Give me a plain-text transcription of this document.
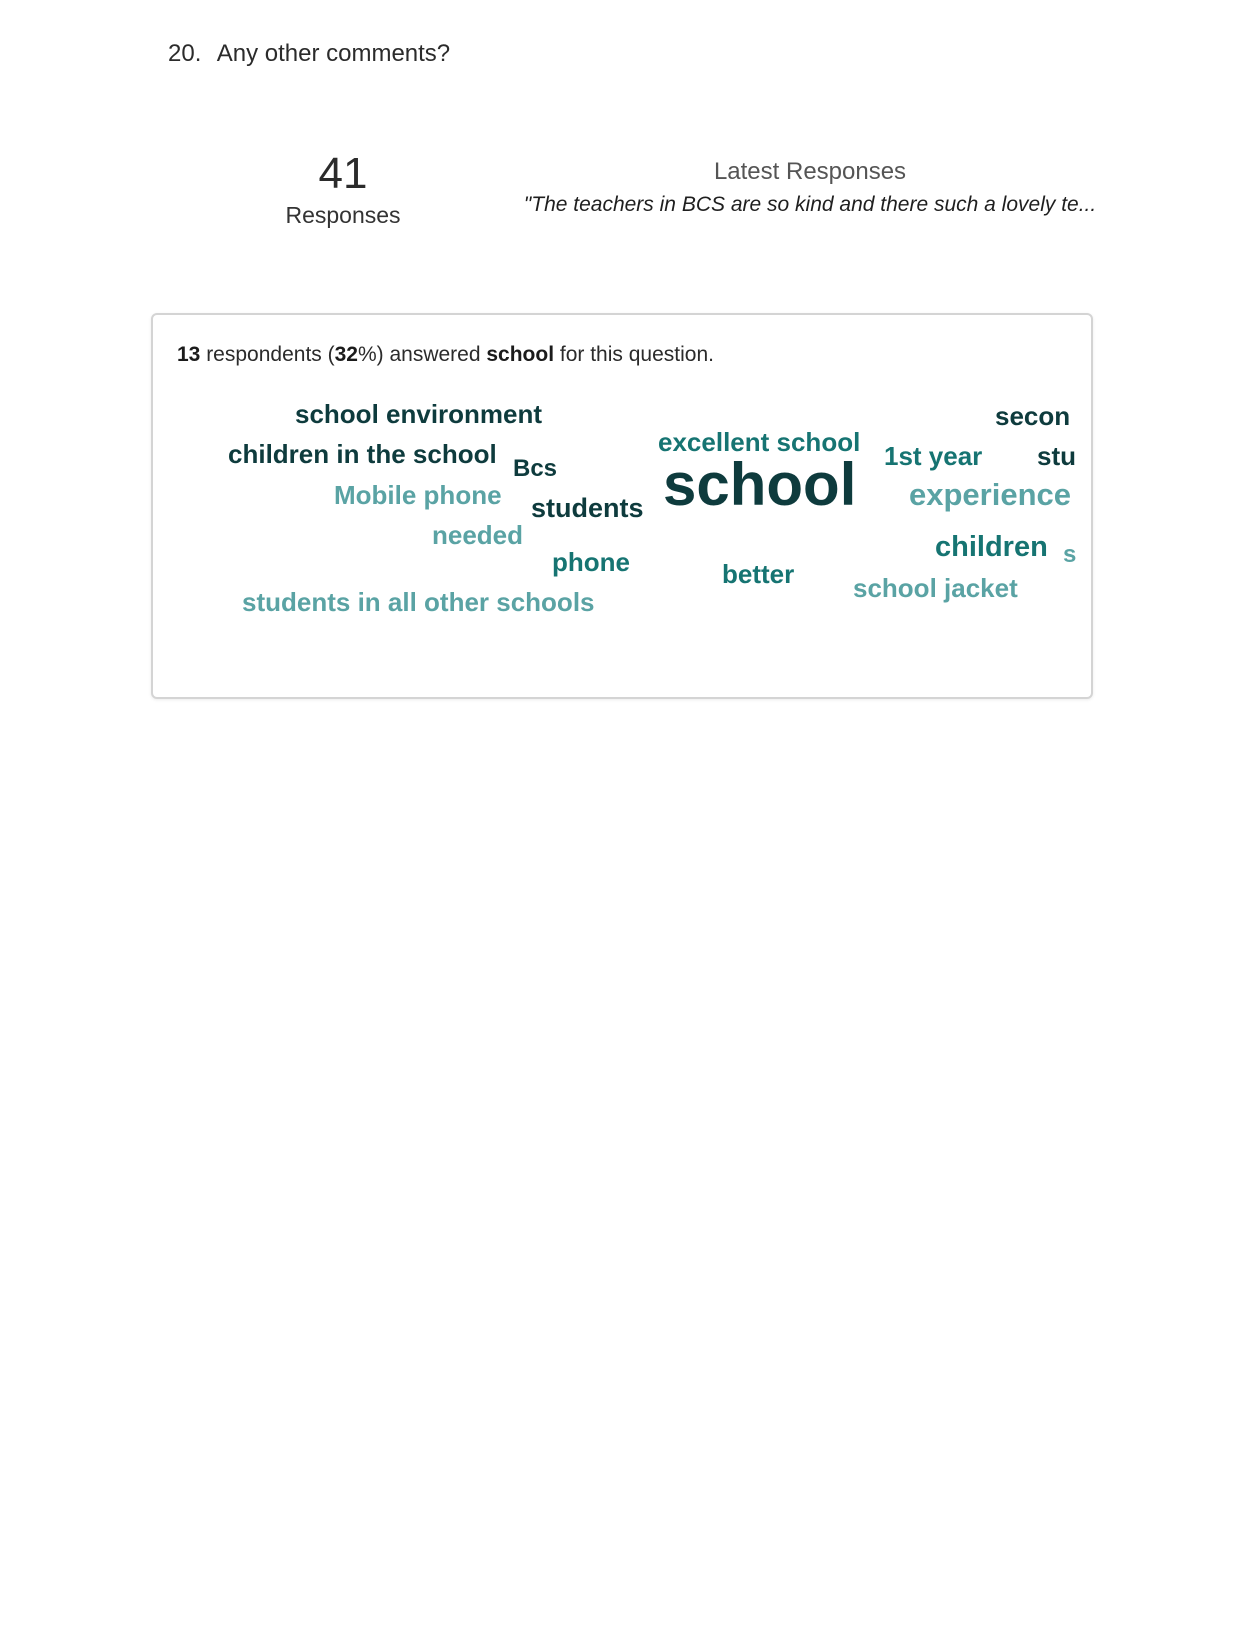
20. Any other comments?
41
Responses
Latest Responses
"The teachers in BCS are so kind and there such a lovely te...
13 respondents (32%) answered school for this question.
school environment
children in the school Bcs
Mobile phone
needed
students school
excellent school 1st year
secon
stu
experience
children s
phone	better school jacket
students in all other schools
